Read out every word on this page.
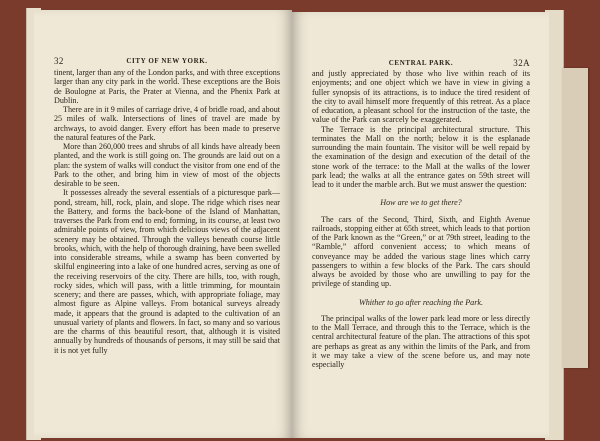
32	CITY OF NEW YORK.

tinent, larger than any of the London parks, and with three exceptions larger than any city park in the world. These exceptions are the Bois de Boulogne at Paris, the Prater at Vienna, and the Phenix Park at Dublin.

There are in it 9 miles of carriage drive, 4 of bridle road, and about 25 miles of walk. Intersections of lines of travel are made by archways, to avoid danger. Every effort has been made to preserve the natural features of the Park.

More than 260,000 trees and shrubs of all kinds have already been planted, and the work is still going on. The grounds are laid out on a plan: the system of walks will conduct the visitor from one end of the Park to the other, and bring him in view of most of the objects desirable to be seen.

It possesses already the several essentials of a picturesque park—pond, stream, hill, rock, plain, and slope. The ridge which rises near the Battery, and forms the back-bone of the Island of Manhattan, traverses the Park from end to end; forming, in its course, at least two admirable points of view, from which delicious views of the adjacent scenery may be obtained. Through the valleys beneath course little brooks, which, with the help of thorough draining, have been swelled into considerable streams, while a swamp has been converted by skilful engineering into a lake of one hundred acres, serving as one of the receiving reservoirs of the city. There are hills, too, with rough, rocky sides, which will pass, with a little trimming, for mountain scenery; and there are passes, which, with appropriate foliage, may almost figure as Alpine valleys. From botanical surveys already made, it appears that the ground is adapted to the cultivation of an unusual variety of plants and flowers. In fact, so many and so various are the charms of this beautiful resort, that, although it is visited annually by hundreds of thousands of persons, it may still be said that it is not yet fully

CENTRAL PARK.	32A

and justly appreciated by those who live within reach of its enjoyments; and one object which we have in view in giving a fuller synopsis of its attractions, is to induce the tired resident of the city to avail himself more frequently of this retreat. As a place of education, a pleasant school for the instruction of the taste, the value of the Park can scarcely be exaggerated.

The Terrace is the principal architectural structure. This terminates the Mall on the north; below it is the esplanade surrounding the main fountain. The visitor will be well repaid by the examination of the design and execution of the detail of the stone work of the terrace: to the Mall at the walks of the lower park lead; the walks at all the entrance gates on 59th street will lead to it under the marble arch. But we must answer the question:

How are we to get there?

The cars of the Second, Third, Sixth, and Eighth Avenue railroads, stopping either at 65th street, which leads to that portion of the Park known as the “Green,” or at 79th street, leading to the “Ramble,” afford convenient access; to which means of conveyance may be added the various stage lines which carry passengers to within a few blocks of the Park. The cars should always be avoided by those who are unwilling to pay for the privilege of standing up.

Whither to go after reaching the Park.

The principal walks of the lower park lead more or less directly to the Mall Terrace, and through this to the Terrace, which is the central architectural feature of the plan. The attractions of this spot are perhaps as great as any within the limits of the Park, and from it we may take a view of the scene before us, and may note especially
